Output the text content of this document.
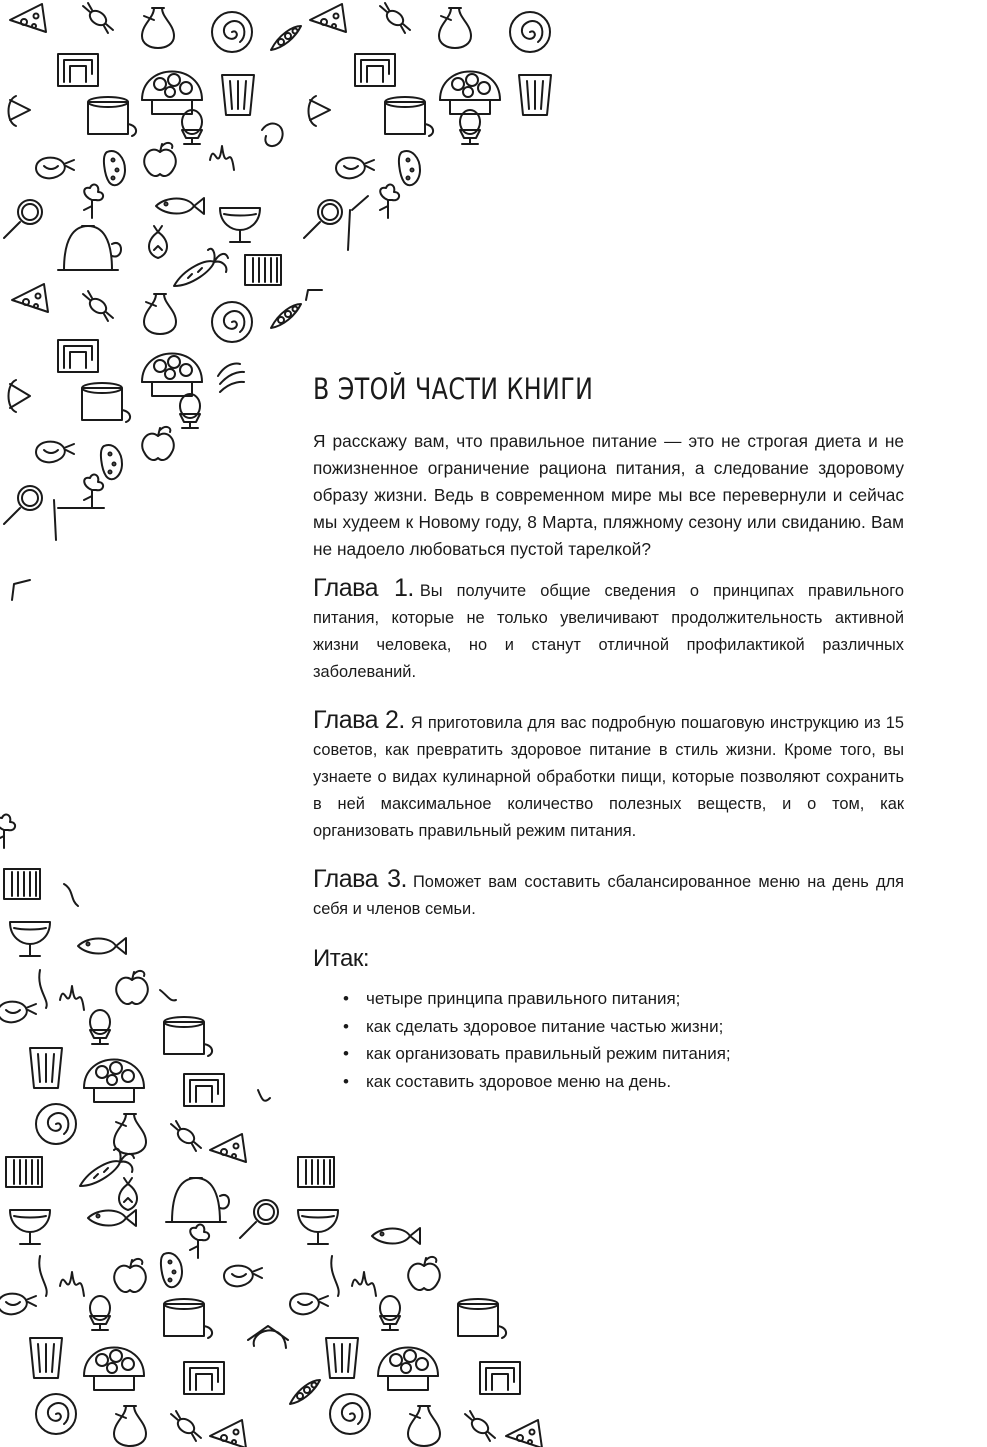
В ЭТОЙ ЧАСТИ КНИГИ

Я расскажу вам, что правильное питание — это не строгая диета и не пожизненное ограничение рациона питания, а следование здоровому образу жизни. Ведь в современном мире мы все перевернули и сейчас мы худеем к Новому году, 8 Марта, пляжному сезону или свиданию. Вам не надоело любоваться пустой тарелкой?

Глава 1. Вы получите общие сведения о принципах правильного питания, которые не только увеличивают продолжительность активной жизни человека, но и станут отличной профилактикой различных заболеваний.

Глава 2. Я приготовила для вас подробную пошаговую инструкцию из 15 советов, как превратить здоровое питание в стиль жизни. Кроме того, вы узнаете о видах кулинарной обработки пищи, которые позволяют сохранить в ней максимальное количество полезных веществ, и о том, как организовать правильный режим питания.

Глава 3. Поможет вам составить сбалансированное меню на день для себя и членов семьи.

Итак:
• четыре принципа правильного питания;
• как сделать здоровое питание частью жизни;
• как организовать правильный режим питания;
• как составить здоровое меню на день.
